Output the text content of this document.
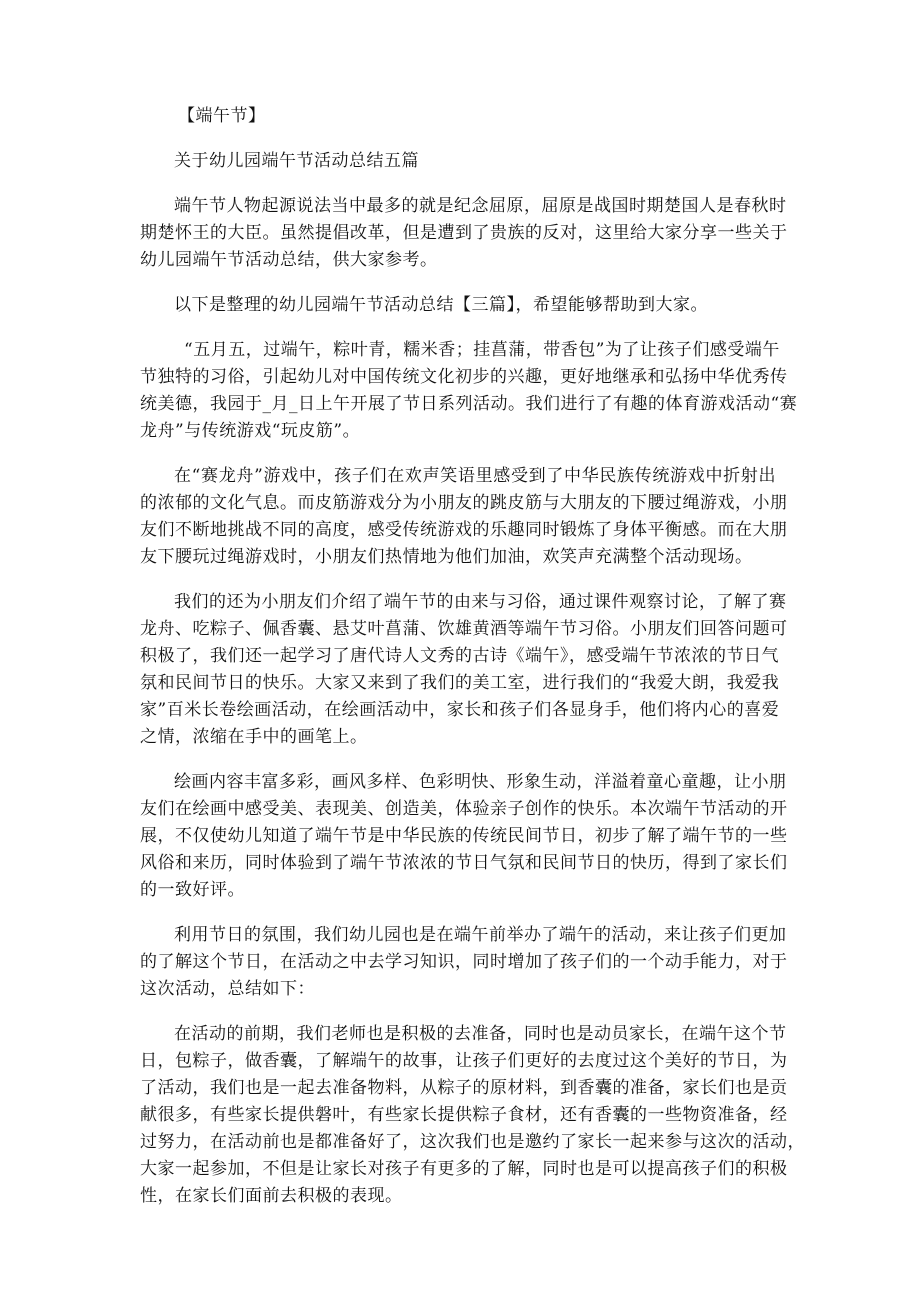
【端午节】
关于幼儿园端午节活动总结五篇
端午节人物起源说法当中最多的就是纪念屈原，屈原是战国时期楚国人是春秋时
期楚怀王的大臣。虽然提倡改革，但是遭到了贵族的反对，这里给大家分享一些关于
幼儿园端午节活动总结，供大家参考。
以下是整理的幼儿园端午节活动总结【三篇】，希望能够帮助到大家。
“五月五，过端午，粽叶青，糯米香；挂菖蒲，带香包”为了让孩子们感受端午
节独特的习俗，引起幼儿对中国传统文化初步的兴趣，更好地继承和弘扬中华优秀传
统美德，我园于_月_日上午开展了节日系列活动。我们进行了有趣的体育游戏活动“赛
龙舟”与传统游戏“玩皮筋”。
在“赛龙舟”游戏中，孩子们在欢声笑语里感受到了中华民族传统游戏中折射出
的浓郁的文化气息。而皮筋游戏分为小朋友的跳皮筋与大朋友的下腰过绳游戏，小朋
友们不断地挑战不同的高度，感受传统游戏的乐趣同时锻炼了身体平衡感。而在大朋
友下腰玩过绳游戏时，小朋友们热情地为他们加油，欢笑声充满整个活动现场。
我们的还为小朋友们介绍了端午节的由来与习俗，通过课件观察讨论，了解了赛
龙舟、吃粽子、佩香囊、悬艾叶菖蒲、饮雄黄酒等端午节习俗。小朋友们回答问题可
积极了，我们还一起学习了唐代诗人文秀的古诗《端午》，感受端午节浓浓的节日气
氛和民间节日的快乐。大家又来到了我们的美工室，进行我们的“我爱大朗，我爱我
家”百米长卷绘画活动，在绘画活动中，家长和孩子们各显身手，他们将内心的喜爱
之情，浓缩在手中的画笔上。
绘画内容丰富多彩，画风多样、色彩明快、形象生动，洋溢着童心童趣，让小朋
友们在绘画中感受美、表现美、创造美，体验亲子创作的快乐。本次端午节活动的开
展，不仅使幼儿知道了端午节是中华民族的传统民间节日，初步了解了端午节的一些
风俗和来历，同时体验到了端午节浓浓的节日气氛和民间节日的快历，得到了家长们
的一致好评。
利用节日的氛围，我们幼儿园也是在端午前举办了端午的活动，来让孩子们更加
的了解这个节日，在活动之中去学习知识，同时增加了孩子们的一个动手能力，对于
这次活动，总结如下：
在活动的前期，我们老师也是积极的去准备，同时也是动员家长，在端午这个节
日，包粽子，做香囊，了解端午的故事，让孩子们更好的去度过这个美好的节日，为
了活动，我们也是一起去准备物料，从粽子的原材料，到香囊的准备，家长们也是贡
献很多，有些家长提供磐叶，有些家长提供粽子食材，还有香囊的一些物资准备，经
过努力，在活动前也是都准备好了，这次我们也是邀约了家长一起来参与这次的活动，
大家一起参加，不但是让家长对孩子有更多的了解，同时也是可以提高孩子们的积极
性，在家长们面前去积极的表现。
